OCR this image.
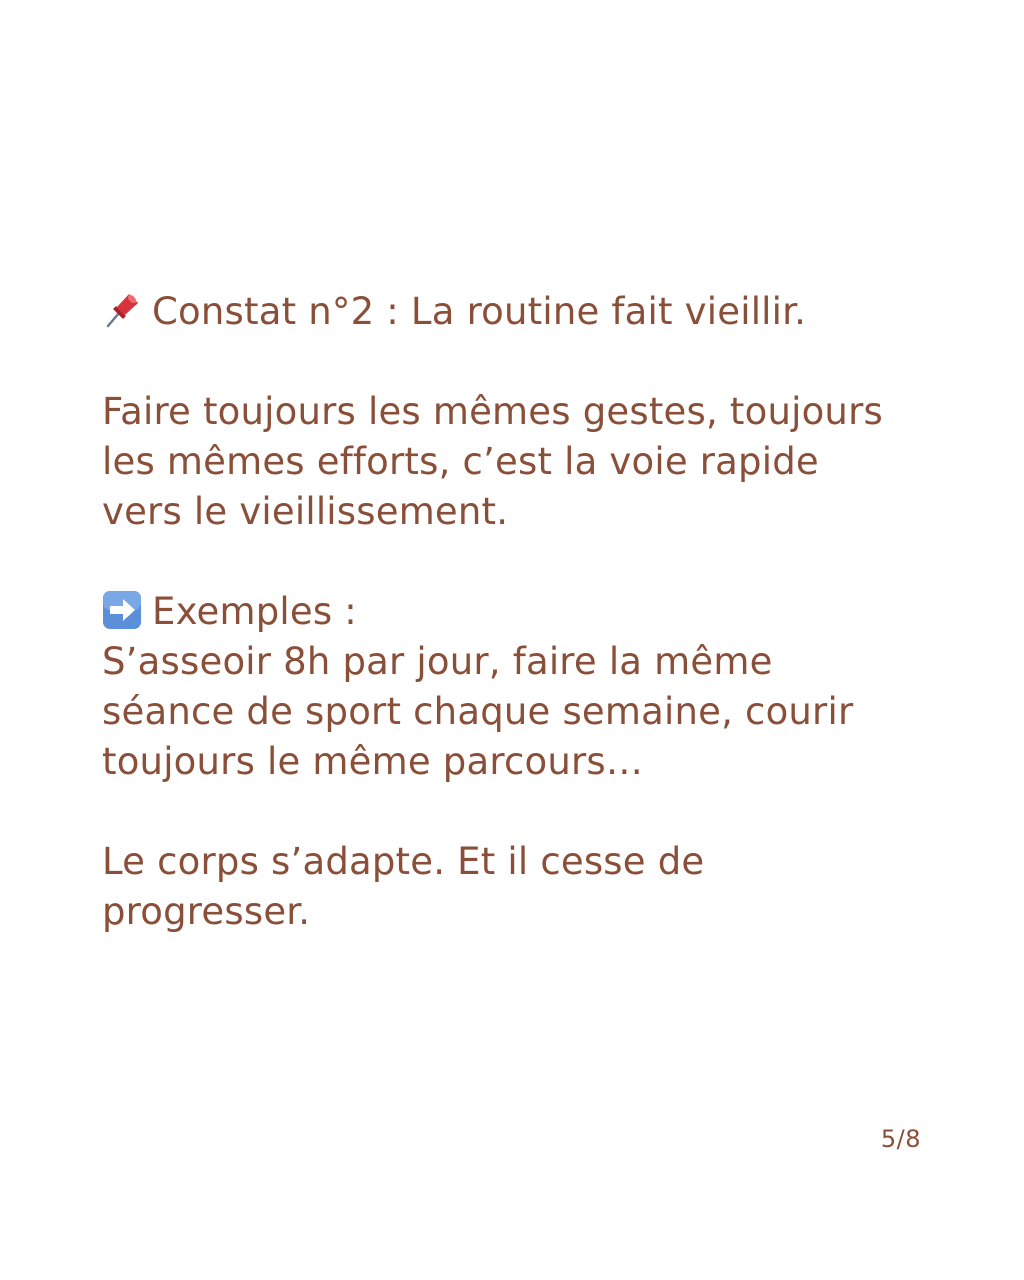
Constat n°2 : La routine fait vieillir.
Faire toujours les mêmes gestes, toujours
les mêmes efforts, c’est la voie rapide
vers le vieillissement.
Exemples :
S’asseoir 8h par jour, faire la même
séance de sport chaque semaine, courir
toujours le même parcours…
Le corps s’adapte. Et il cesse de
progresser.
5/8
